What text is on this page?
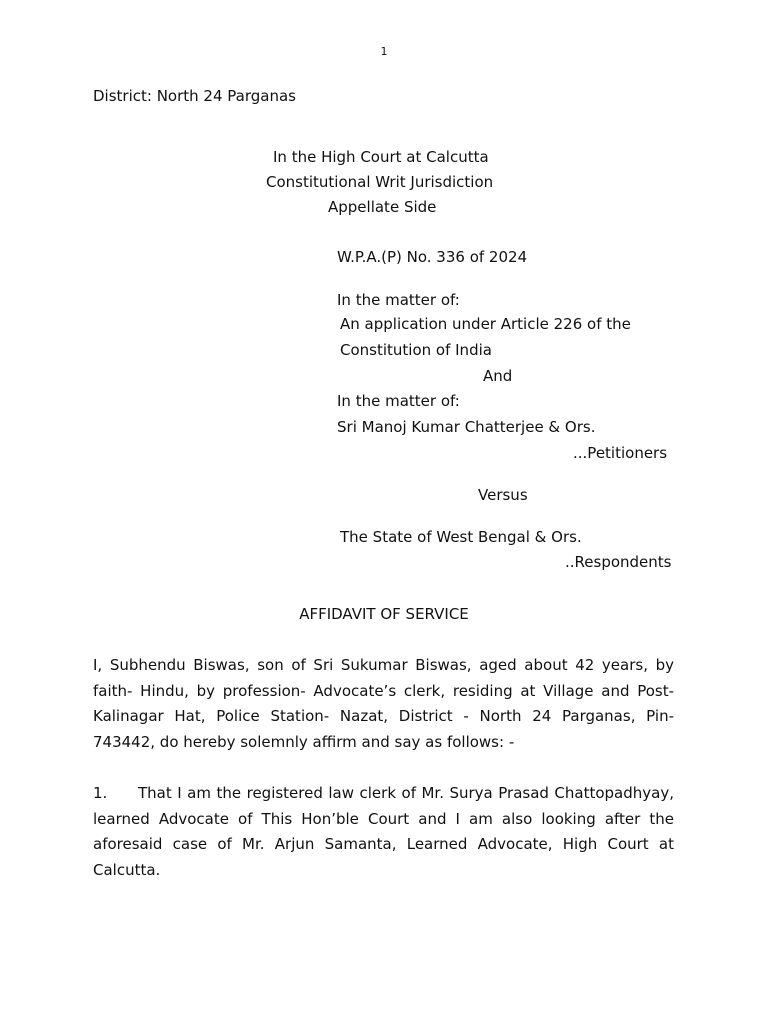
1
District: North 24 Parganas
In the High Court at Calcutta
Constitutional Writ Jurisdiction
Appellate Side
W.P.A.(P) No. 336 of 2024
In the matter of:
An application under Article 226 of the
Constitution of India
And
In the matter of:
Sri Manoj Kumar Chatterjee & Ors.
...Petitioners
Versus
The State of West Bengal & Ors.
..Respondents
AFFIDAVIT OF SERVICE
I, Subhendu Biswas, son of Sri Sukumar Biswas, aged about 42 years, by faith- Hindu, by profession- Advocate’s clerk, residing at Village and Post- Kalinagar Hat, Police Station- Nazat, District - North 24 Parganas, Pin- 743442, do hereby solemnly affirm and say as follows: -
1. That I am the registered law clerk of Mr. Surya Prasad Chattopadhyay, learned Advocate of This Hon’ble Court and I am also looking after the aforesaid case of Mr. Arjun Samanta, Learned Advocate, High Court at Calcutta.
